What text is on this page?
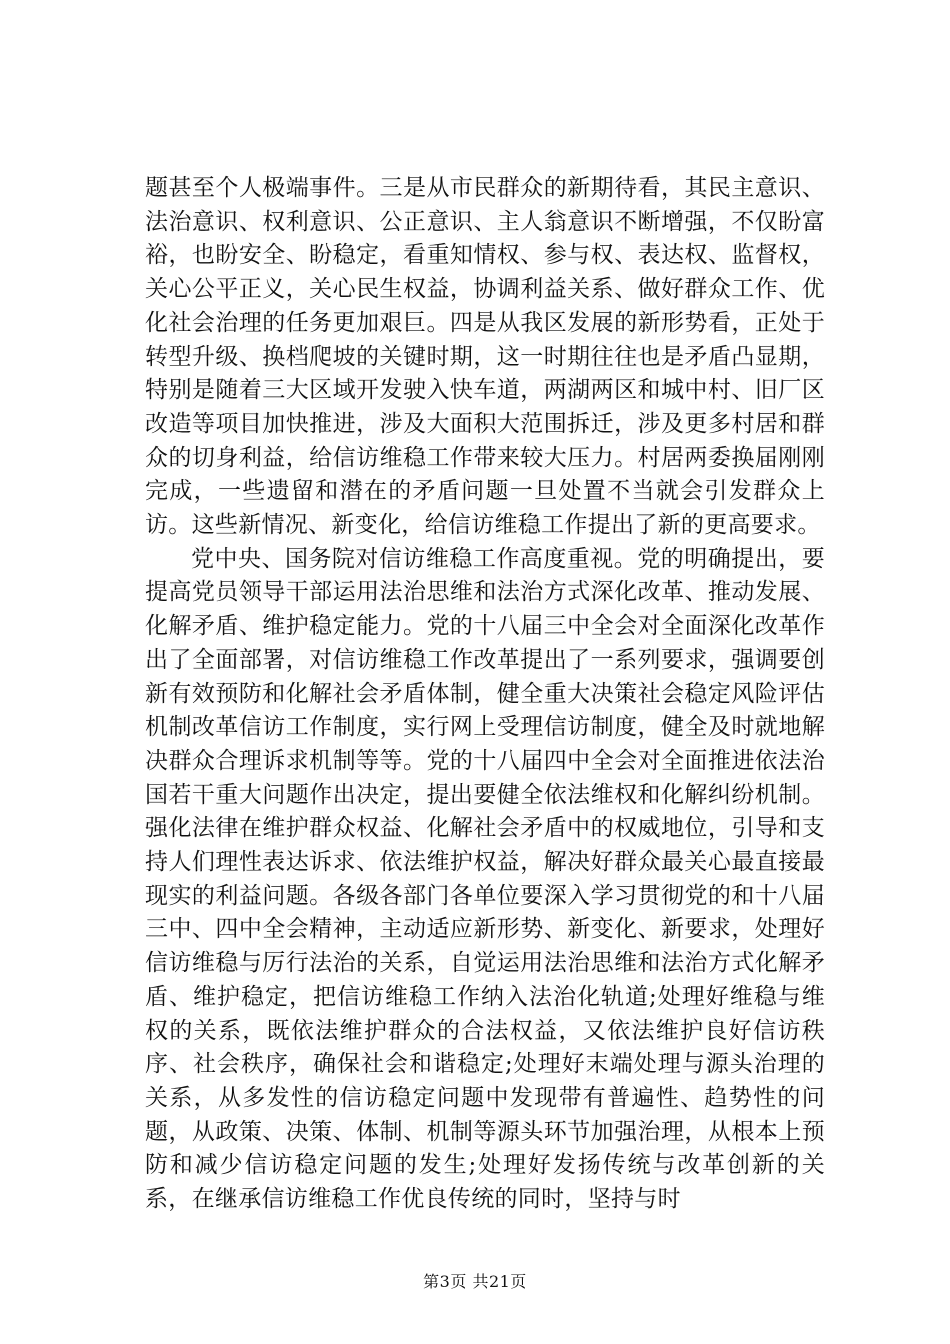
题甚至个人极端事件。三是从市民群众的新期待看，其民主意识、法治意识、权利意识、公正意识、主人翁意识不断增强，不仅盼富裕，也盼安全、盼稳定，看重知情权、参与权、表达权、监督权，关心公平正义，关心民生权益，协调利益关系、做好群众工作、优化社会治理的任务更加艰巨。四是从我区发展的新形势看，正处于转型升级、换档爬坡的关键时期，这一时期往往也是矛盾凸显期，特别是随着三大区域开发驶入快车道，两湖两区和城中村、旧厂区改造等项目加快推进，涉及大面积大范围拆迁，涉及更多村居和群众的切身利益，给信访维稳工作带来较大压力。村居两委换届刚刚完成，一些遗留和潜在的矛盾问题一旦处置不当就会引发群众上访。这些新情况、新变化，给信访维稳工作提出了新的更高要求。

党中央、国务院对信访维稳工作高度重视。党的明确提出，要提高党员领导干部运用法治思维和法治方式深化改革、推动发展、化解矛盾、维护稳定能力。党的十八届三中全会对全面深化改革作出了全面部署，对信访维稳工作改革提出了一系列要求，强调要创新有效预防和化解社会矛盾体制，健全重大决策社会稳定风险评估机制改革信访工作制度，实行网上受理信访制度，健全及时就地解决群众合理诉求机制等等。党的十八届四中全会对全面推进依法治国若干重大问题作出决定，提出要健全依法维权和化解纠纷机制。强化法律在维护群众权益、化解社会矛盾中的权威地位，引导和支持人们理性表达诉求、依法维护权益，解决好群众最关心最直接最现实的利益问题。各级各部门各单位要深入学习贯彻党的和十八届三中、四中全会精神，主动适应新形势、新变化、新要求，处理好信访维稳与厉行法治的关系，自觉运用法治思维和法治方式化解矛盾、维护稳定，把信访维稳工作纳入法治化轨道;处理好维稳与维权的关系，既依法维护群众的合法权益，又依法维护良好信访秩序、社会秩序，确保社会和谐稳定;处理好末端处理与源头治理的关系，从多发性的信访稳定问题中发现带有普遍性、趋势性的问题，从政策、决策、体制、机制等源头环节加强治理，从根本上预防和减少信访稳定问题的发生;处理好发扬传统与改革创新的关系，在继承信访维稳工作优良传统的同时，坚持与时

第3页 共21页
